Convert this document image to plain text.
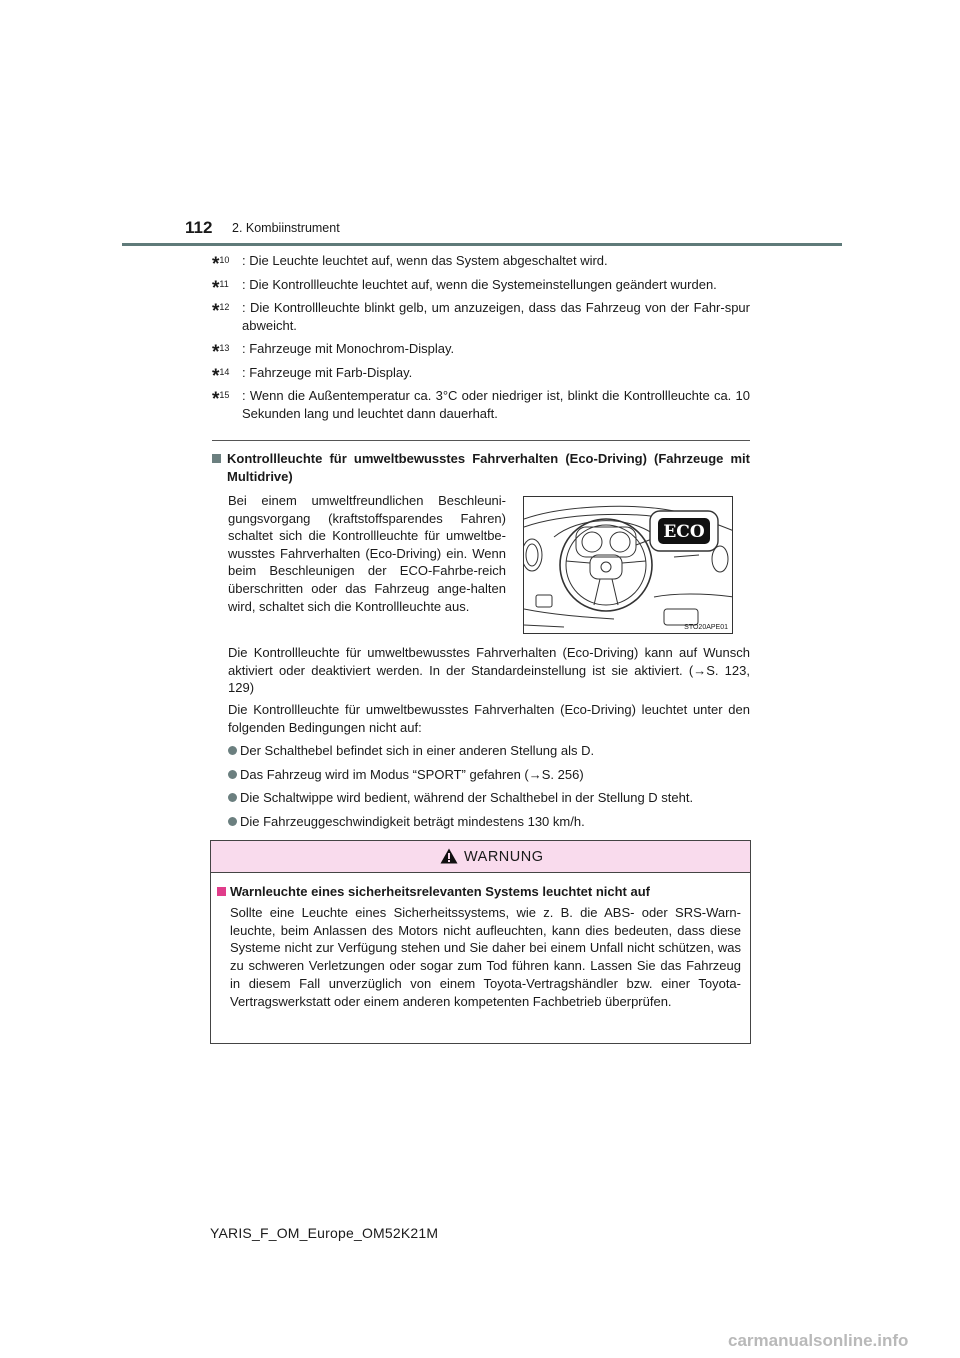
112 2. Kombiinstrument
*$^{10}$ : Die Leuchte leuchtet auf, wenn das System abgeschaltet wird.
*$^{11}$ : Die Kontrollleuchte leuchtet auf, wenn die Systemeinstellungen geändert wurden.
*$^{12}$ : Die Kontrollleuchte blinkt gelb, um anzuzeigen, dass das Fahrzeug von der Fahr-spur abweicht.
*$^{13}$ : Fahrzeuge mit Monochrom-Display.
*$^{14}$ : Fahrzeuge mit Farb-Display.
*$^{15}$ : Wenn die Außentemperatur ca. 3°C oder niedriger ist, blinkt die Kontrollleuchte ca. 10 Sekunden lang und leuchtet dann dauerhaft.
Kontrollleuchte für umweltbewusstes Fahrverhalten (Eco-Driving) (Fahrzeuge mit Multidrive)
Bei einem umweltfreundlichen Beschleuni-gungsvorgang (kraftstoffsparendes Fahren) schaltet sich die Kontrollleuchte für umweltbe-wusstes Fahrverhalten (Eco-Driving) ein. Wenn beim Beschleunigen der ECO-Fahrbe-reich überschritten oder das Fahrzeug ange-halten wird, schaltet sich die Kontrollleuchte aus.
ECO
STO20APE01
Die Kontrollleuchte für umweltbewusstes Fahrverhalten (Eco-Driving) kann auf Wunsch aktiviert oder deaktiviert werden. In der Standardeinstellung ist sie aktiviert. (→S. 123, 129)
Die Kontrollleuchte für umweltbewusstes Fahrverhalten (Eco-Driving) leuchtet unter den folgenden Bedingungen nicht auf:
Der Schalthebel befindet sich in einer anderen Stellung als D.
Das Fahrzeug wird im Modus “SPORT” gefahren (→S. 256)
Die Schaltwippe wird bedient, während der Schalthebel in der Stellung D steht.
Die Fahrzeuggeschwindigkeit beträgt mindestens 130 km/h.
WARNUNG
Warnleuchte eines sicherheitsrelevanten Systems leuchtet nicht auf
Sollte eine Leuchte eines Sicherheitssystems, wie z. B. die ABS- oder SRS-Warn-leuchte, beim Anlassen des Motors nicht aufleuchten, kann dies bedeuten, dass diese Systeme nicht zur Verfügung stehen und Sie daher bei einem Unfall nicht schützen, was zu schweren Verletzungen oder sogar zum Tod führen kann. Lassen Sie das Fahrzeug in diesem Fall unverzüglich von einem Toyota-Vertragshändler bzw. einer Toyota-Vertragswerkstatt oder einem anderen kompetenten Fachbetrieb überprüfen.
YARIS_F_OM_Europe_OM52K21M
carmanualsonline.info
